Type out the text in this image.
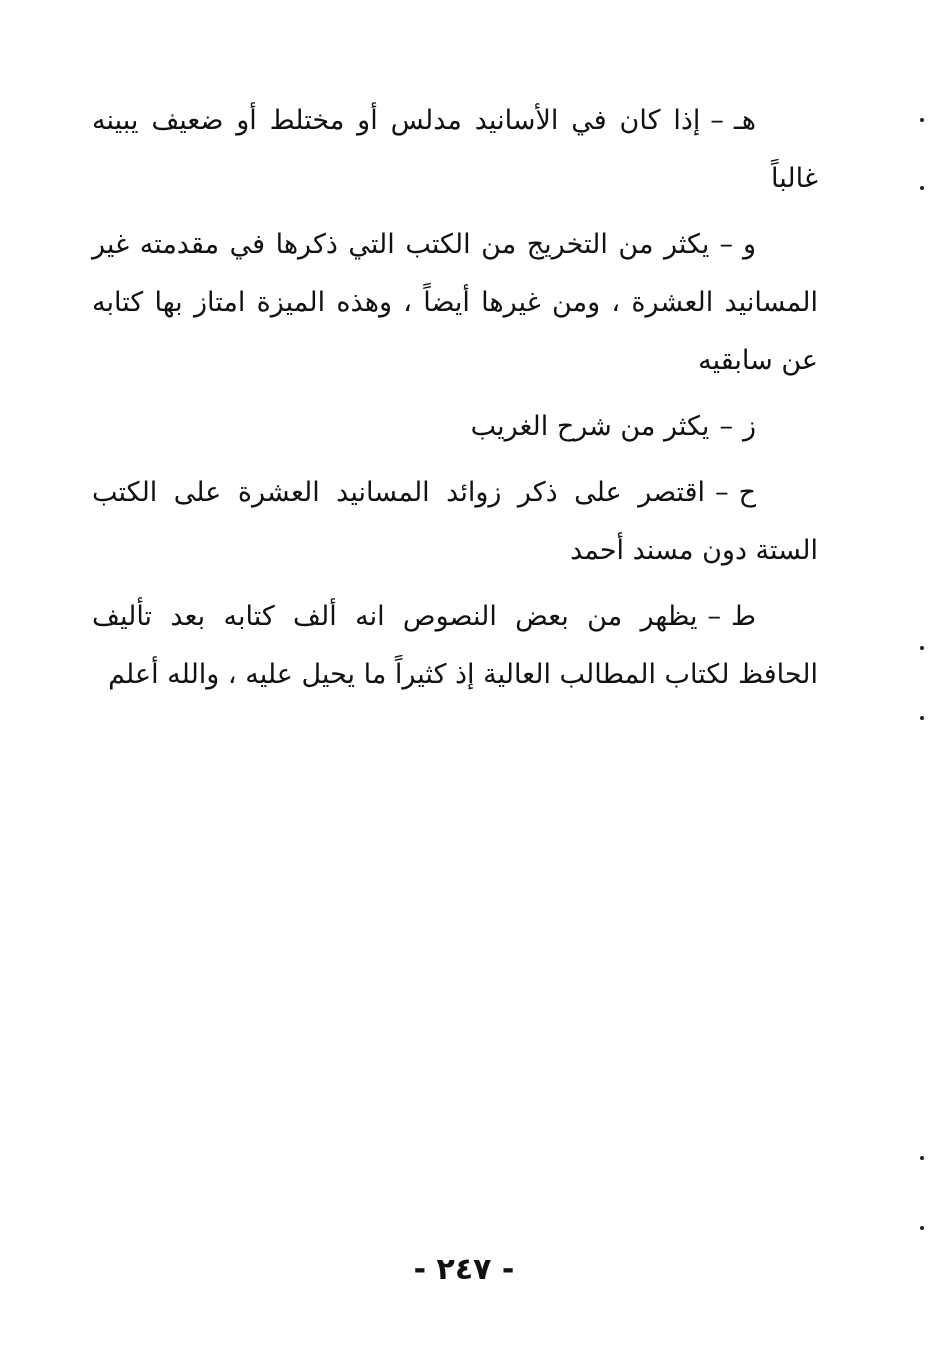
هـ–إذا كان في الأسانيد مدلس أو مختلط أو ضعيف يبينه غالباً

و–يكثر من التخريج من الكتب التي ذكرها في مقدمته غير المسانيد العشرة ، ومن غيرها أيضاً ، وهذه الميزة امتاز بها كتابه عن سابقيه

ز–يكثر من شرح الغريب

ح–اقتصر على ذكر زوائد المسانيد العشرة على الكتب الستة دون مسند أحمد

ط–يظهر من بعض النصوص انه ألف كتابه بعد تأليف الحافظ لكتاب المطالب العالية إذ كثيراً ما يحيل عليه ، والله أعلم

- ٢٤٧ -
